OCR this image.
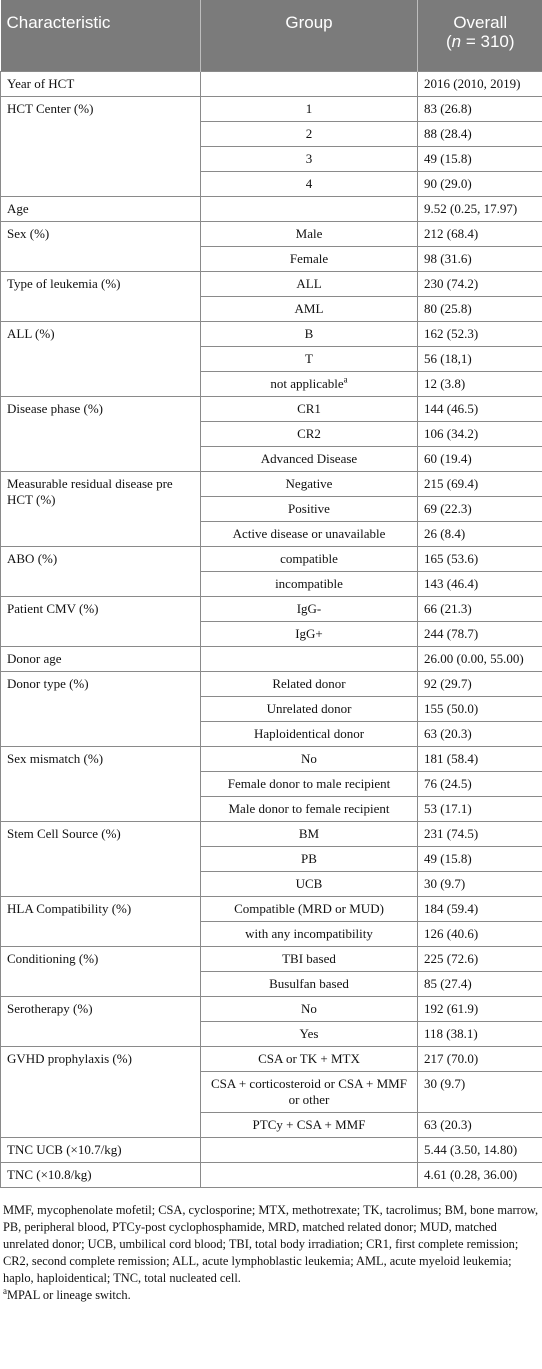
Characteristic	Group	Overall
(n = 310)
Year of HCT		2016 (2010, 2019)
HCT Center (%)	1	83 (26.8)
	2	88 (28.4)
	3	49 (15.8)
	4	90 (29.0)
Age		9.52 (0.25, 17.97)
Sex (%)	Male	212 (68.4)
	Female	98 (31.6)
Type of leukemia (%)	ALL	230 (74.2)
	AML	80 (25.8)
ALL (%)	B	162 (52.3)
	T	56 (18,1)
	not applicable$^a$	12 (3.8)
Disease phase (%)	CR1	144 (46.5)
	CR2	106 (34.2)
	Advanced Disease	60 (19.4)
Measurable residual disease pre HCT (%)	Negative	215 (69.4)
	Positive	69 (22.3)
	Active disease or unavailable	26 (8.4)
ABO (%)	compatible	165 (53.6)
	incompatible	143 (46.4)
Patient CMV (%)	IgG-	66 (21.3)
	IgG+	244 (78.7)
Donor age		26.00 (0.00, 55.00)
Donor type (%)	Related donor	92 (29.7)
	Unrelated donor	155 (50.0)
	Haploidentical donor	63 (20.3)
Sex mismatch (%)	No	181 (58.4)
	Female donor to male recipient	76 (24.5)
	Male donor to female recipient	53 (17.1)
Stem Cell Source (%)	BM	231 (74.5)
	PB	49 (15.8)
	UCB	30 (9.7)
HLA Compatibility (%)	Compatible (MRD or MUD)	184 (59.4)
	with any incompatibility	126 (40.6)
Conditioning (%)	TBI based	225 (72.6)
	Busulfan based	85 (27.4)
Serotherapy (%)	No	192 (61.9)
	Yes	118 (38.1)
GVHD prophylaxis (%)	CSA or TK + MTX	217 (70.0)
	CSA + corticosteroid or CSA + MMF or other	30 (9.7)
	PTCy + CSA + MMF	63 (20.3)
TNC UCB (×10.7/kg)		5.44 (3.50, 14.80)
TNC (×10.8/kg)		4.61 (0.28, 36.00)

MMF, mycophenolate mofetil; CSA, cyclosporine; MTX, methotrexate; TK, tacrolimus; BM, bone marrow, PB, peripheral blood, PTCy-post cyclophosphamide, MRD, matched related donor; MUD, matched unrelated donor; UCB, umbilical cord blood; TBI, total body irradiation; CR1, first complete remission; CR2, second complete remission; ALL, acute lymphoblastic leukemia; AML, acute myeloid leukemia; haplo, haploidentical; TNC, total nucleated cell.

$^a$MPAL or lineage switch.
